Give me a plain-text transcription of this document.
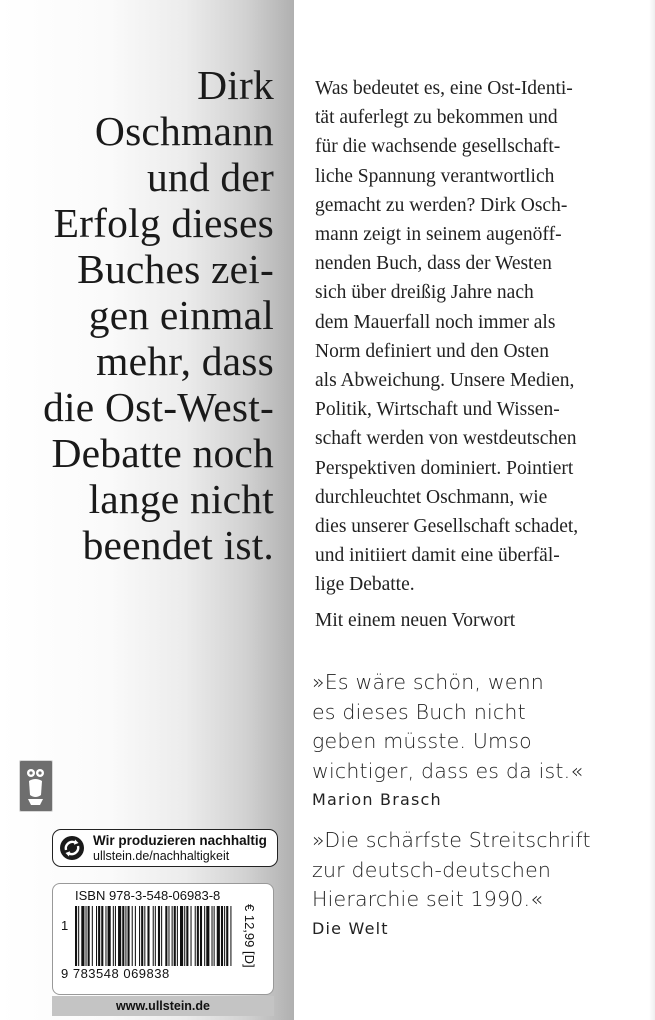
Dirk
Oschmann
und der
Erfolg dieses
Buches zei-
gen einmal
mehr, dass
die Ost-West-
Debatte noch
lange nicht
beendet ist.
Was bedeutet es, eine Ost-Identi-
tät auferlegt zu bekommen und
für die wachsende gesellschaft-
liche Spannung verantwortlich
gemacht zu werden? Dirk Osch-
mann zeigt in seinem augenöff-
nenden Buch, dass der Westen
sich über dreißig Jahre nach
dem Mauerfall noch immer als
Norm definiert und den Osten
als Abweichung. Unsere Medien,
Politik, Wirtschaft und Wissen-
schaft werden von westdeutschen
Perspektiven dominiert. Pointiert
durchleuchtet Oschmann, wie
dies unserer Gesellschaft schadet,
und initiiert damit eine überfäl-
lige Debatte.
Mit einem neuen Vorwort
»Es wäre schön, wenn
es dieses Buch nicht
geben müsste. Umso
wichtiger, dass es da ist.«
Marion Brasch
»Die schärfste Streitschrift
zur deutsch-deutschen
Hierarchie seit 1990.«
Die Welt
Wir produzieren nachhaltig
ullstein.de/nachhaltigkeit
ISBN 978-3-548-06983-8
1
9 783548 069838
€ 12,99 [D]
www.ullstein.de
